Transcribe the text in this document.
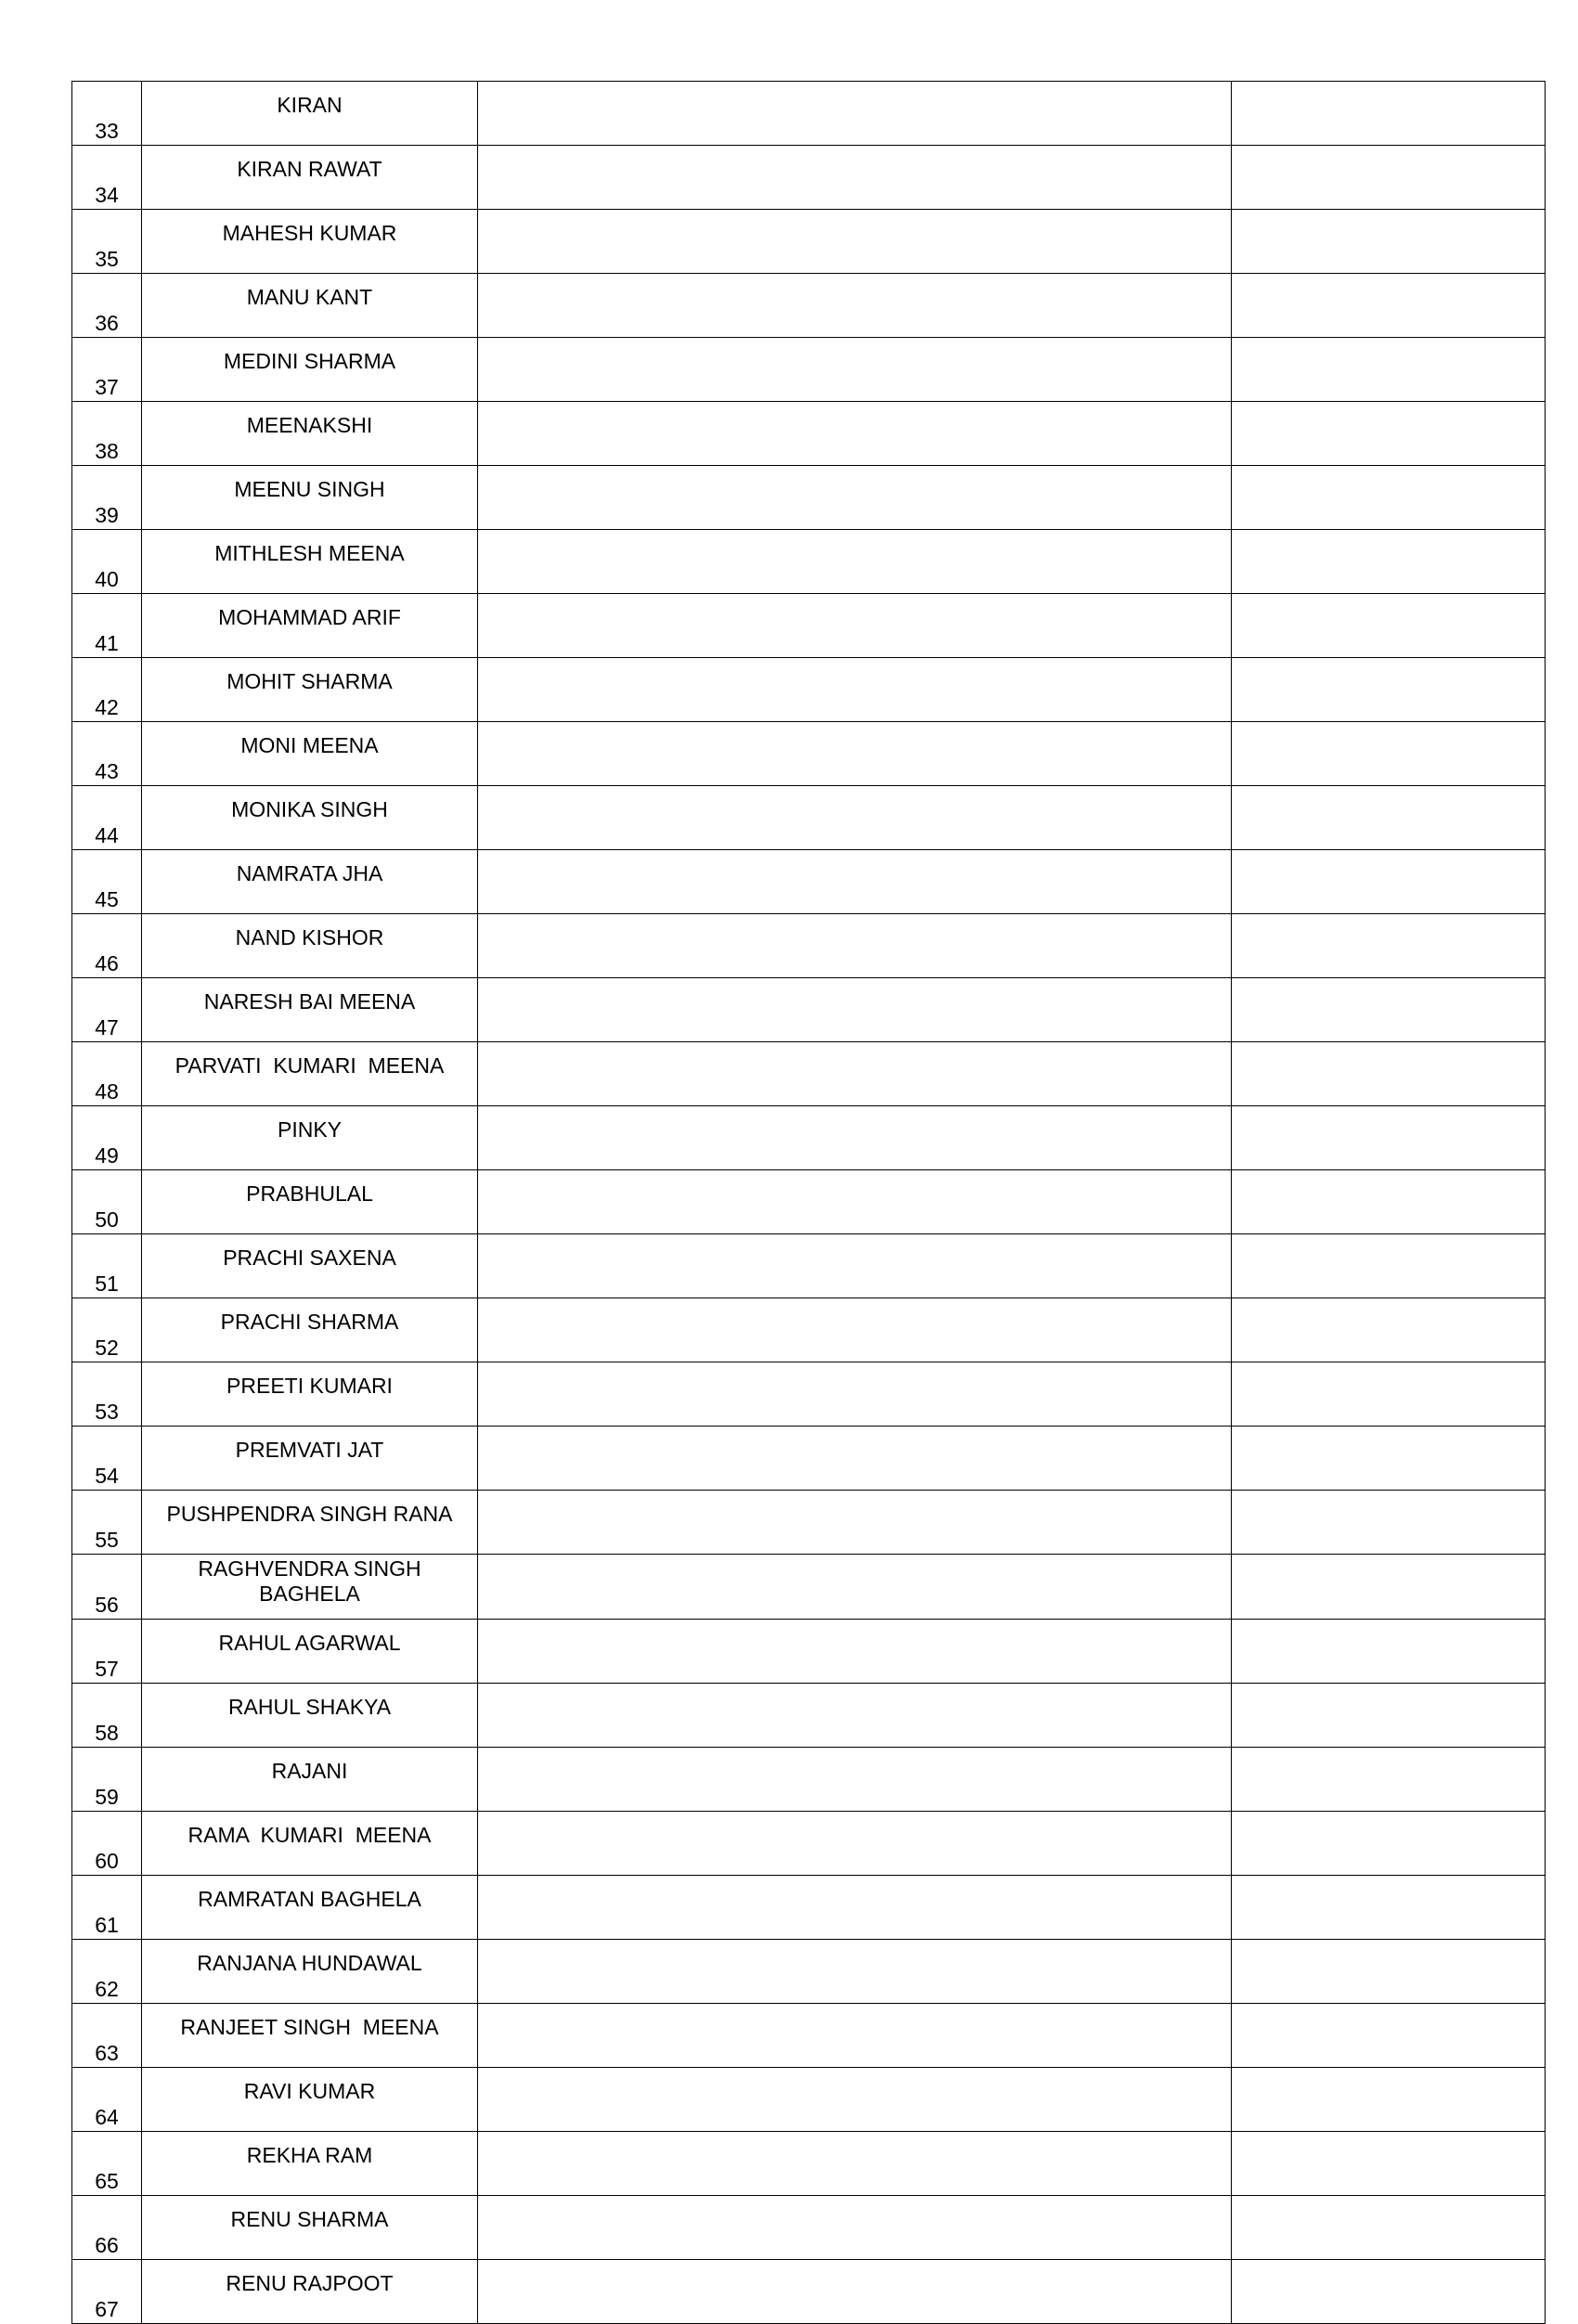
33	KIRAN		
34	KIRAN RAWAT		
35	MAHESH KUMAR		
36	MANU KANT		
37	MEDINI SHARMA		
38	MEENAKSHI		
39	MEENU SINGH		
40	MITHLESH MEENA		
41	MOHAMMAD ARIF		
42	MOHIT SHARMA		
43	MONI MEENA		
44	MONIKA SINGH		
45	NAMRATA JHA		
46	NAND KISHOR		
47	NARESH BAI MEENA		
48	PARVATI  KUMARI  MEENA		
49	PINKY		
50	PRABHULAL		
51	PRACHI SAXENA		
52	PRACHI SHARMA		
53	PREETI KUMARI		
54	PREMVATI JAT		
55	PUSHPENDRA SINGH RANA		
56	RAGHVENDRA SINGH
BAGHELA		
57	RAHUL AGARWAL		
58	RAHUL SHAKYA		
59	RAJANI		
60	RAMA  KUMARI  MEENA		
61	RAMRATAN BAGHELA		
62	RANJANA HUNDAWAL		
63	RANJEET SINGH  MEENA		
64	RAVI KUMAR		
65	REKHA RAM		
66	RENU SHARMA		
67	RENU RAJPOOT		
